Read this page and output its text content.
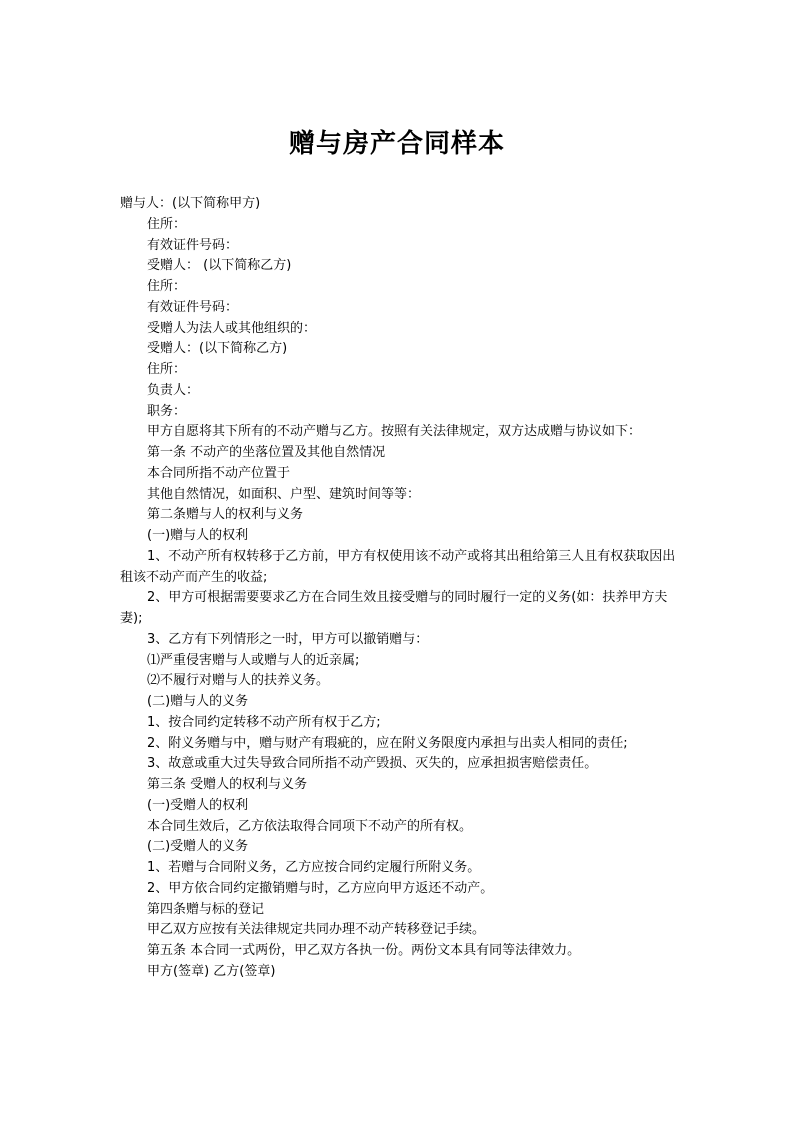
赠与房产合同样本
赠与人：(以下简称甲方)
住所：
有效证件号码：
受赠人： (以下简称乙方)
住所：
有效证件号码：
受赠人为法人或其他组织的：
受赠人：(以下简称乙方)
住所：
负责人：
职务：
甲方自愿将其下所有的不动产赠与乙方。按照有关法律规定，双方达成赠与协议如下：
第一条 不动产的坐落位置及其他自然情况
本合同所指不动产位置于
其他自然情况，如面积、户型、建筑时间等等：
第二条赠与人的权利与义务
(一)赠与人的权利
1、不动产所有权转移于乙方前，甲方有权使用该不动产或将其出租给第三人且有权获取因出租该不动产而产生的收益;
2、甲方可根据需要要求乙方在合同生效且接受赠与的同时履行一定的义务(如：扶养甲方夫妻);
3、乙方有下列情形之一时，甲方可以撤销赠与：
⑴严重侵害赠与人或赠与人的近亲属;
⑵不履行对赠与人的扶养义务。
(二)赠与人的义务
1、按合同约定转移不动产所有权于乙方;
2、附义务赠与中，赠与财产有瑕疵的，应在附义务限度内承担与出卖人相同的责任;
3、故意或重大过失导致合同所指不动产毁损、灭失的，应承担损害赔偿责任。
第三条 受赠人的权利与义务
(一)受赠人的权利
本合同生效后，乙方依法取得合同项下不动产的所有权。
(二)受赠人的义务
1、若赠与合同附义务，乙方应按合同约定履行所附义务。
2、甲方依合同约定撤销赠与时，乙方应向甲方返还不动产。
第四条赠与标的登记
甲乙双方应按有关法律规定共同办理不动产转移登记手续。
第五条 本合同一式两份，甲乙双方各执一份。两份文本具有同等法律效力。
甲方(签章) 乙方(签章)
